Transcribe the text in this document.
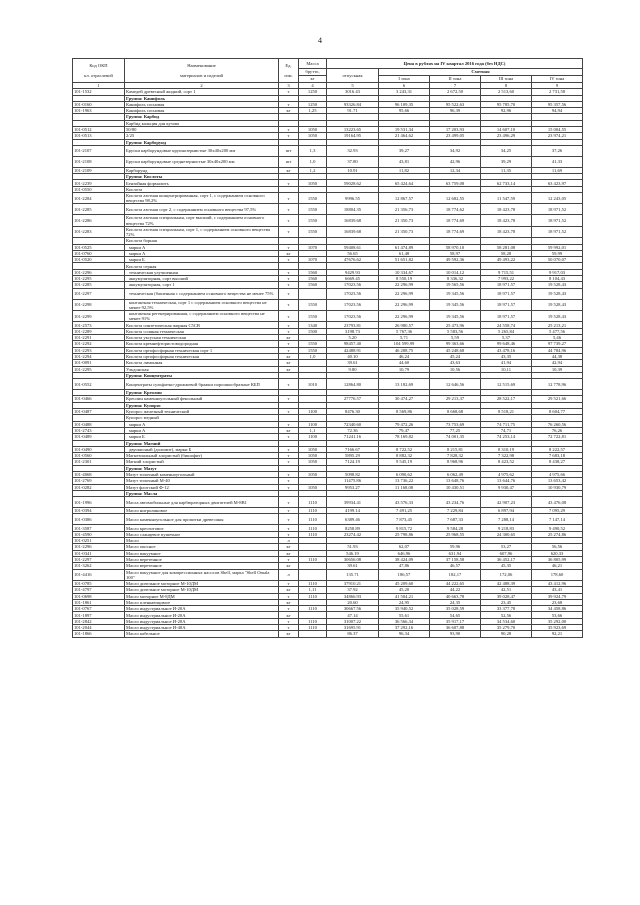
4
Код ОКП

кл. отраслевой	Наименование

материалов и изделий	Ед.

изм.	Масса	Цена в рублях на IV квартал 2016 года (без НДС)				
			брутто,	отпускная	Сметная			
			кг		I зона	II зона	III зона	IV зона
1	2	3	4	5	6	7	8	9
101-1532	Камедей древесный жидкий, сорт 1	т	1250	3016.43	3 243,31	2 672,50	2 513,60	2 731,58
	Группа: Канифоль							
101-0160	Канифоль сосновая	т	1250	93326.84	96 109,35	95 522,63	95 785,70	95 357,56
101-1963	Канифоль сосновая	кг	1,25	91.71	95,66	96,39	92,96	94,94
	Группа: Карбид							
	Карбид кальция для кузова							
101-0512	50/80	т	1050	13223.65	19 531,34	17 203,93	14 607,10	15 004,55
101-0513	2/25	т	1050	19164.95	21 464,62	23 499,05	23 496,29	23 974,21
	Группа: Карборунд							
101-2107	Бруски карборундовые крупнозернистые 30х40х200 мм	шт	1,3	32.93	39,27	34,92	34,25	37,26
101-2108	Бруски карборундовые среднезернистые 30х40х200 мм	шт	1,0	37.80	43,81	42,96	39,29	41,33
101-2109	Карборунд	кг	1,2	10.91	11,82	12,34	11,35	11,69
	Группа: Кислоты							
101-2239	Бензойная формалить	т	1050	59028.62	65 424,64	63 759,08	62 733,14	63 423,97
101-0550	Кислота							
101-2284	Кислота азотная концентрированная, сорт 1, с содержанием основного вещества 98,2%	т	1550	9996.55	12 867,57	12 682,55	11 547,59	12 243,05
101-2285	Кислота азотная сорт 2, с содержанием основного вещества 97,5%	т	1550	18804.35	21 356,73	18 774,62	18 423,78	18 971,52
101-2286	Кислота азотная специальная, сорт высший, с содержанием основного вещества 72%	т	1550	16839.68	21 350,73	18 774,69	18 423,78	18 971,52
101-2283	Кислота азотная специальная, сорт 1, с содержанием основного вещества 72%	т	1550	16839.68	21 350,73	18 774,69	18 423,78	18 971,52
	Кислота борная							
101-0525	марки А	т	1070	59408.61	61 474,89	58 970,10	58 281,08	59 992,01
101-0760	марки А	кг		56.65	61,48	58,97	58,28	59,99
101-0520	марки Б	т	1070	47676.62	51 651,82	49 592,36	49 493,22	50 070,07
	Кислота серная							
101-2296	техническая улучшенная	т	1560	9429.93	10 334,67	10 014,12	9 715,51	9 917,03
101-2295	аккумуляторная, сорт высший	т	1560	6669.45	8 550,19	8 336,32	7 993,22	8 104,43
101-2285	аккумуляторная, сорт 1	т	1560	17023.56	22 296,99	19 565,56	18 971,57	19 528,43
101-2297	техническая (башенная с содержанием основного вещества не менее 75%	т		17023.56	22 296,99	19 345,56	18 971,57	19 528,43
101-2298	контактная техническая, сорт 1 с содержанием основного вещества не менее 92,5%	т	1550	17023.56	22 296,99	19 345,56	18 971,57	19 528,43
101-2299	контактная регенерированная, с содержанием основного вещества не менее 91%	т	1550	17023.56	22 296,99	19 345,56	18 971,57	19 528,43
101-2573	Кислота синтетическая жирная С5СВ	т	1340	23793.81	26 980,57	25 473,96	24 558,74	25 213,21
101-2289	Кислота соляная техническая	т	1500	3198.73	5 767,36	5 583,56	5 265,84	5 477,56
101-2291	Кислота уксусная техническая	кг		5.20	5,71	5,59	5,37	5,46
101-2292	Кислота кремнефтористоводородная	т	1550	98457.40	104 599,99	99 363,66	99 648,46	97 739,27
101-2293	Кислота ортофосфорная техническая сорт 1	т	1550	42488.91	46 288,75	45 248,68	43 478,16	44 784,96
101-2294	Кислота ортофосфорная техническая	кг	1,0	40.10	46,24	45,24	43,35	44,38
101-0091	Кислота лимонная	кг		39.61	44,60	43,63	41,94	42,94
101-2295	Ульдонская	кг		9.80	10,79	10,56	10,11	10,39
	Группа: Концентраты							
101-0552	Концентраты сульфитно-дрожжевой бражки порошкообразные КБП	т	1010	12864.80	13 182,69	12 646,56	12 515,69	12 778,96
	Группа: Креолин							
101-0466	Креолин каменноугольный фенольный	т		27776.57	30 474,27	29 213,37	28 522,17	29 521,66
	Группа: Купорос							
101-0487	Купорос железный технический	т	1100	8476.30	8 569,86	8 668,68	8 518,21	8 604,77
	Купорос медный							
101-0488	марки А	т	1100	72340.60	79 472,26	73 753,69	74 711,75	76 260,56
101-2743	марки А	кг	1,1	72.36	79,47	77,25	74,71	76,26
101-0489	марки Б	т	1100	71241.16	78 169,82	74 001,35	74 253,14	72 722,81
	Группа: Магний							
101-0490	двуокисный (доломит), марки Б	т	1050	7166.67	8 722,52	8 215,81	8 310,19	8 222,57
101-0560	Магнезиальный хлористый (бишофит)	т	1050	5895.29	8 882,32	7 828,32	7 322,98	7 683,18
101-2301	Магний хлористый	т	1050	7124.19	9 545,19	8 968,96	8 423,52	8 438,27
	Группа: Мазут							
101-4068	Мазут топочный каменноугольный	т	1050	5098.82	6 090,62	6 062,49	4 975,62	4 975,66
101-2769	Мазут топочный М-40	т		11475.86	13 736,22	13 648,76	13 644,76	13 653,42
101-0282	Мазут флотский Ф-12	т	1050	9953.27	11 168,08	10 430,51	9 930,47	10 930,79
	Группа: Масла							
101-1996	Масла автомобильные для карбюраторных двигателей М-8В1	т	1110	39934.41	43 576,33	43 234,76	42 907,23	43 476,08
101-0394	Масло нигролиновое	т	1110	4199.14	7 491,25	7 229,84	6 897,94	7 095,29
101-0386	Масло каменноугольное для пропитки древесины	т	1110	6389.46	7 873,45	7 687,33	7 288,14	7 147,14
101-3587	Масло креозотовое	т	1110	8258.89	9 815,72	9 584,28	9 218,83	9 490,52
101-4590	Масло сланцевое пушечное	т	1110	23274.42	25 798,86	25 968,55	24 300,65	25 274,86
101-0251	Масло	л						
101-2296	Масло окосное	кг		51.93	62,07	59,96	53,27	56,56
101-0341	Масло вакуумное	кг		546.19	646,96	631,94	607,96	620,33
101-2297	Масло веретенное	т	1110	30656.08	38 424,09	37 158,58	36 452,17	36 805,99
101-3262	Масло веретенное	кг		39.61	47,86	46,57	45,35	46,21
101-4416	Масло вакуумное для компрессионных насосов Shell, марка "Shell Omala 100"	л		135.71	186,57	182,17	172,06	178,60
101-0785	Масло дизельное моторное М-10ДМ	т	1110	37910.21	45 209,60	44 222,65	42 488,39	43 412,96
101-4797	Масло дизельное моторное М-10ДМ	кг	1,11	37.92	45,20	44,22	42,51	43,41
101-0698	Масло моторное М-8ДМ	т	1110	34866.93	41 504,21	40 663,78	39 028,47	39 924,79
101-1861	Масло пленкающимое	кг		20.60	24,95	24,35	23,45	23,68
101-0767	Масло индустриальное И-20А	т	1110	30667.56	35 940,52	35 028,59	33 377,78	34 458,86
101-1897	Масло индустриальное И-20А	кг		47.14	55,61	54,65	52,56	53,66
101-2842	Масло индустриальное И-20А	т	1110	31007.22	36 566,34	35 917,17	34 534,60	35 292,00
101-2044	Масло индустриальное И-40А	т	1110	31695.91	37 292,16	36 607,88	35 279,70	35 923,69
101-1866	Масло кабельное	кг		86.37	96,34	93,90	90,28	92,21
